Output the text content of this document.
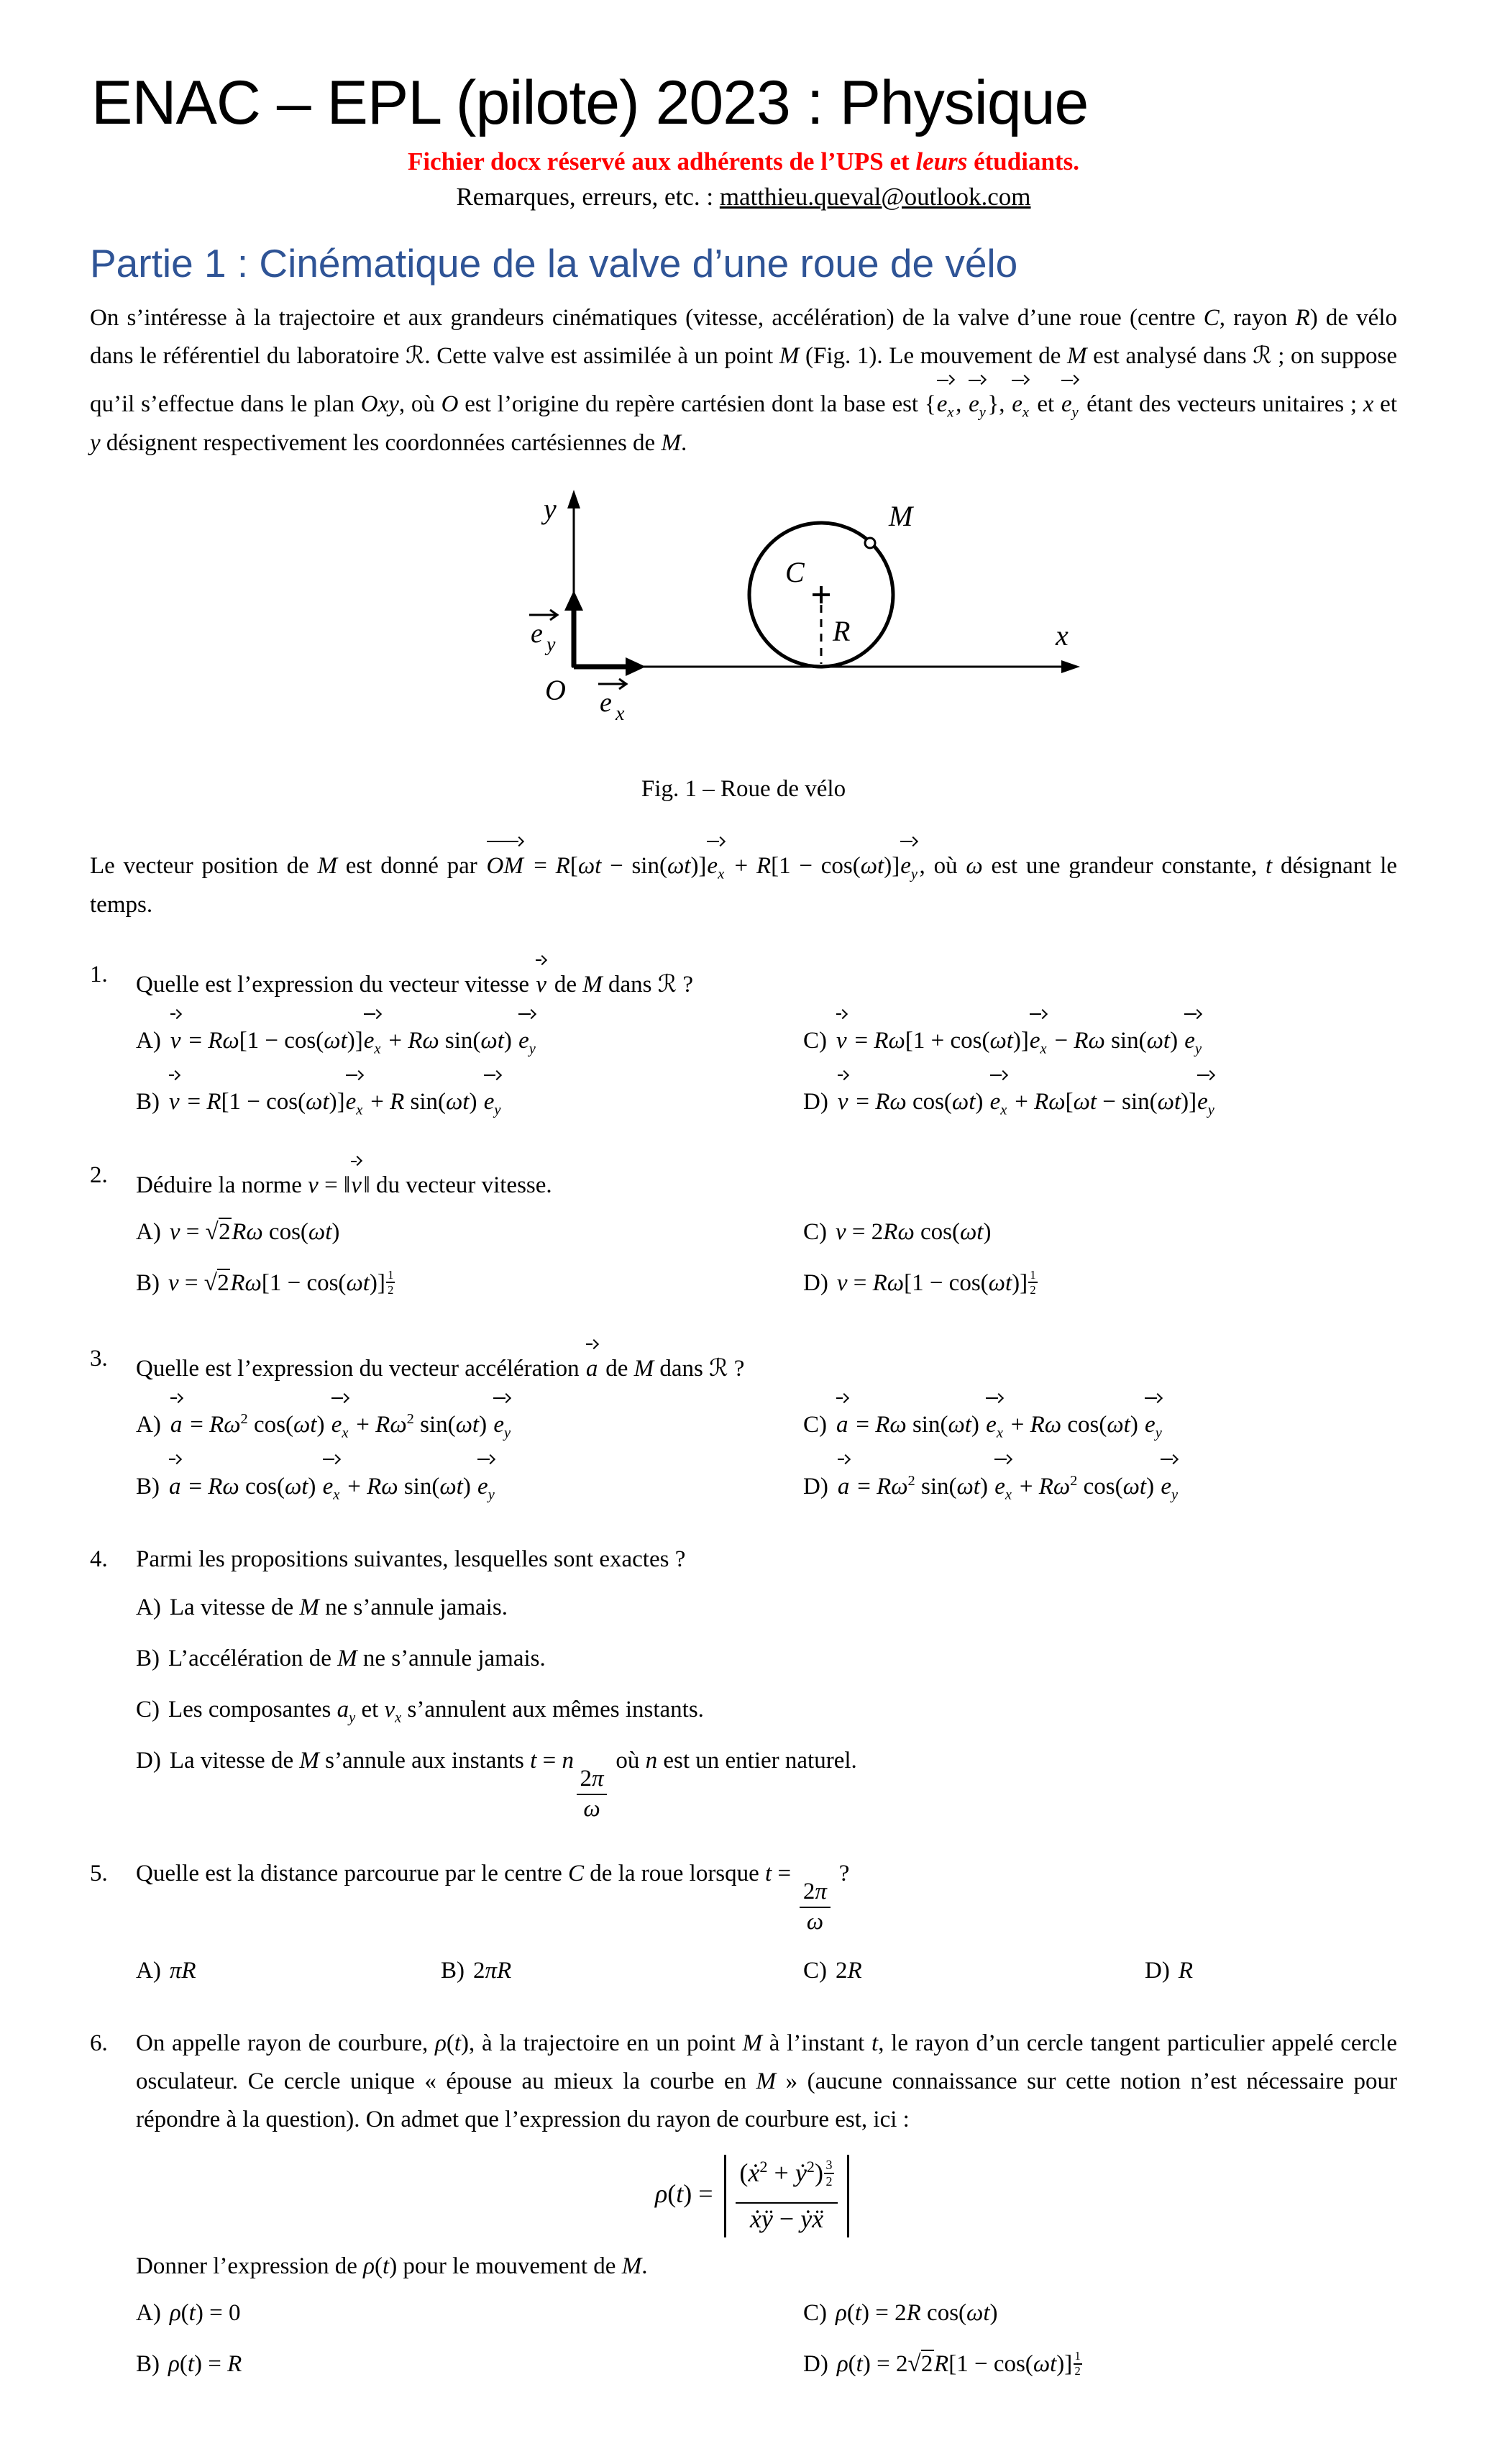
ENAC – EPL (pilote) 2023 : Physique

Fichier docx réservé aux adhérents de l’UPS et leurs étudiants.

Remarques, erreurs, etc. : matthieu.queval@outlook.com

Partie 1 : Cinématique de la valve d’une roue de vélo

On s’intéresse à la trajectoire et aux grandeurs cinématiques (vitesse, accélération) de la valve d’une roue (centre C, rayon R) de vélo dans le référentiel du laboratoire ℛ. Cette valve est assimilée à un point M (Fig. 1). Le mouvement de M est analysé dans ℛ ; on suppose qu’il s’effectue dans le plan Oxy, où O est l’origine du repère cartésien dont la base est {$e_x$, $e_y$}, $e_x$ et $e_y$ étant des vecteurs unitaires ; x et y désignent respectivement les coordonnées cartésiennes de M.

y
x
O
e y
e x
C
R
M
Fig. 1 – Roue de vélo

Le vecteur position de M est donné par OM = $R[\omega t - \sin(\omega t)]e_x + R[1 - \cos(\omega t)]e_y$, où ω est une grandeur constante, t désignant le temps.

1.	Quelle est l’expression du vecteur vitesse v de M dans ℛ ?
A) $v = R\omega[1 - \cos(\omega t)]e_x + R\omega$ sin(ωt) $e_y$	C) $v = R\omega[1 + \cos(\omega t)]e_x - R\omega$ sin(ωt) $e_y$
B) $v = R[1 - \cos(\omega t)]e_x + R$ sin(ωt) $e_y$	D) v = Rω cos(ωt) $e_x + R\omega[\omega t - \sin(\omega t)]e_y$
2.	Déduire la norme v = ‖v‖ du vecteur vitesse.
A) v = √2Rω cos(ωt)	C) v = 2Rω cos(ωt)
B) v = √2Rω[1 − cos(ωt)] $^{\frac{1}{2}}$	D) v = Rω[1 − cos(ωt)] $^{\frac{1}{2}}$
3.	Quelle est l’expression du vecteur accélération a de M dans ℛ ?
A) $a = R\omega^2$ cos(ωt) $e_x + R\omega^2$ sin(ωt) $e_y$	C) a = Rω sin(ωt) $e_x + R\omega$ cos(ωt) $e_y$
B) a = Rω cos(ωt) $e_x + R\omega$ sin(ωt) $e_y$	D) $a = R\omega^2$ sin(ωt) $e_x + R\omega^2$ cos(ωt) $e_y$
4.	Parmi les propositions suivantes, lesquelles sont exactes ?
A) La vitesse de M ne s’annule jamais.
B) L’accélération de M ne s’annule jamais.
C) Les composantes $a_y$ et $v_x$ s’annulent aux mêmes instants.
D) La vitesse de M s’annule aux instants t = n
$\frac{2\pi}{\omega}$
où n est un entier naturel.
5.	Quelle est la distance parcourue par le centre C de la roue lorsque t =
$\frac{2\pi}{\omega}$
?
A) πR	B) 2πR	C) 2R	D) R
6.	On appelle rayon de courbure, ρ(t), à la trajectoire en un point M à l’instant t, le rayon d’un cercle tangent particulier appelé cercle osculateur. Ce cercle unique « épouse au mieux la courbe en M » (aucune connaissance sur cette notion n’est nécessaire pour répondre à la question). On admet que l’expression du rayon de courbure est, ici :
ρ(t) = (ẋ$^2$ + ẏ$^2$) $^{\frac{3}{2}}$
ẋÿ − ẏẍ
Donner l’expression de ρ(t) pour le mouvement de M.
A) ρ(t) = 0	C) ρ(t) = 2R cos(ωt)
B) ρ(t) = R	D) ρ(t) = 2√2R[1 − cos(ωt)] $^{\frac{1}{2}}$
